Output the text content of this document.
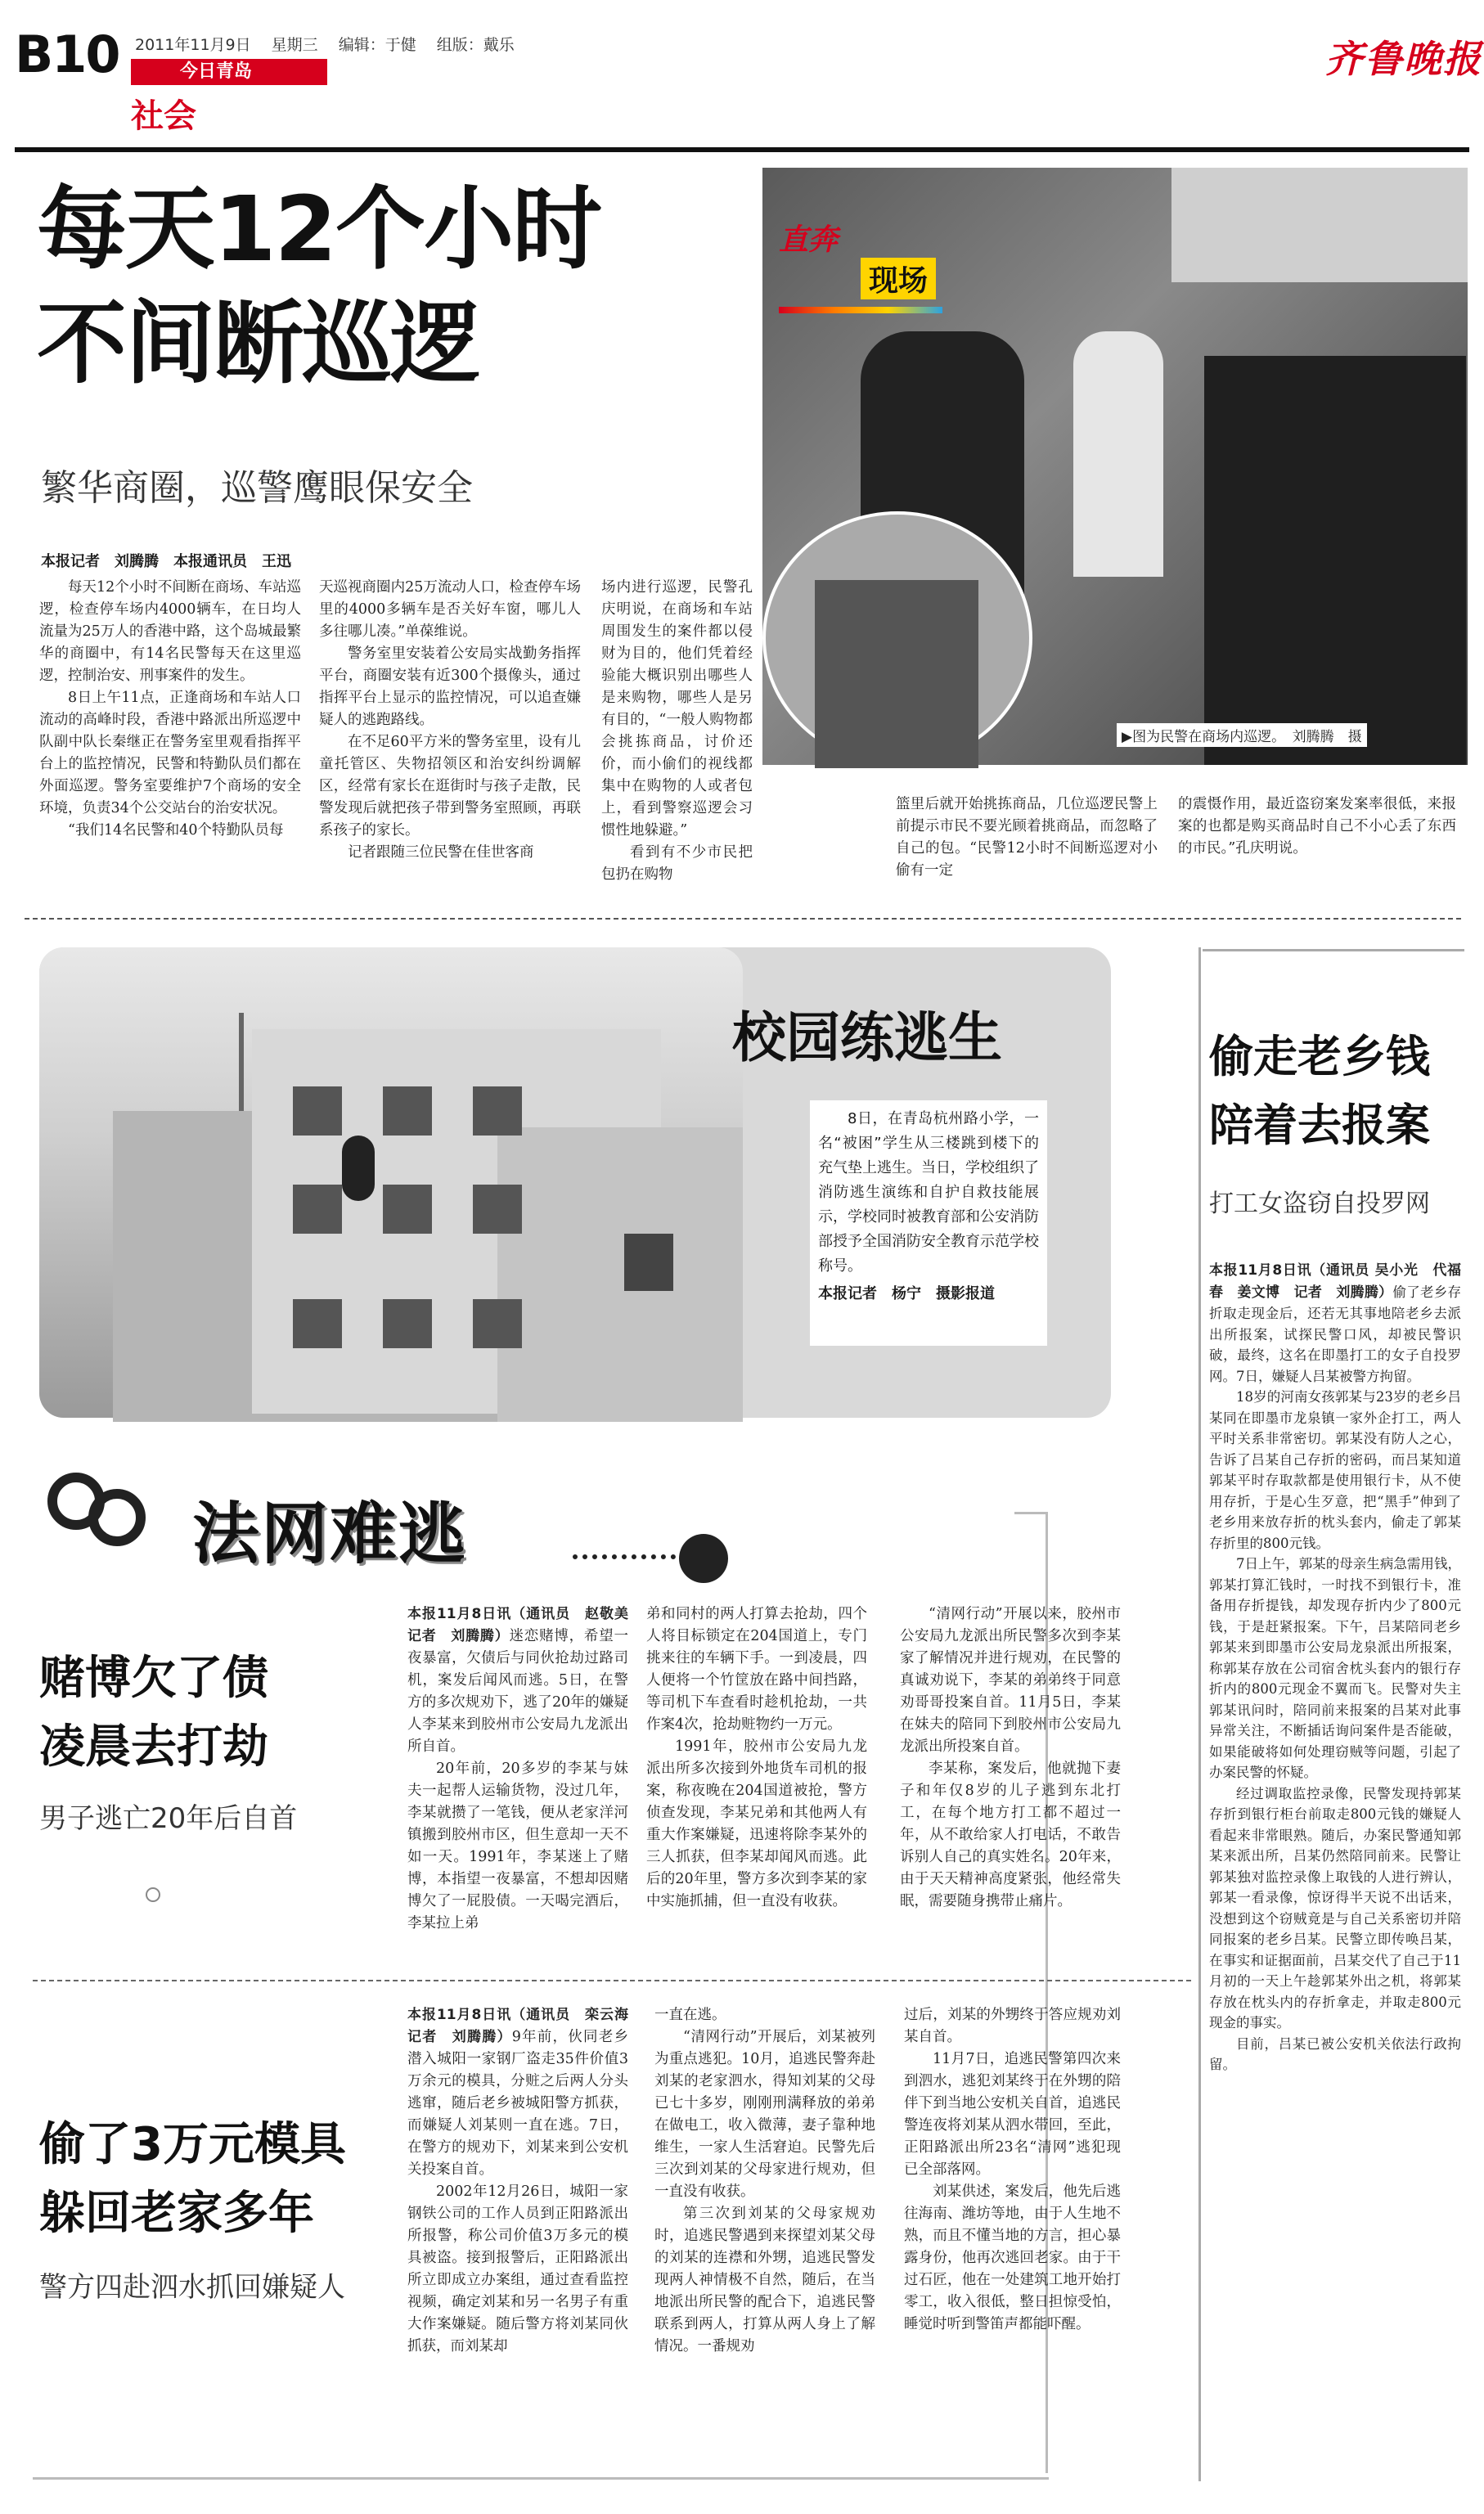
B10 2011年11月9日　 星期三　 编辑：于健　 组版：戴乐
今日青岛
社会
齐鲁晚报
每天12个小时
不间断巡逻
繁华商圈，巡警鹰眼保安全
直奔
现场
▶图为民警在商场内巡逻。　刘腾腾　摄
本报记者　刘腾腾　本报通讯员　王迅

每天12个小时不间断在商场、车站巡逻，检查停车场内4000辆车，在日均人流量为25万人的香港中路，这个岛城最繁华的商圈中，有14名民警每天在这里巡逻，控制治安、刑事案件的发生。

8日上午11点，正逢商场和车站人口流动的高峰时段，香港中路派出所巡逻中队副中队长秦继正在警务室里观看指挥平台上的监控情况，民警和特勤队员们都在外面巡逻。警务室要维护7个商场的安全环境，负责34个公交站台的治安状况。

“我们14名民警和40个特勤队员每

天巡视商圈内25万流动人口，检查停车场里的4000多辆车是否关好车窗，哪儿人多往哪儿凑。”单葆维说。

警务室里安装着公安局实战勤务指挥平台，商圈安装有近300个摄像头，通过指挥平台上显示的监控情况，可以追查嫌疑人的逃跑路线。

在不足60平方米的警务室里，设有儿童托管区、失物招领区和治安纠纷调解区，经常有家长在逛街时与孩子走散，民警发现后就把孩子带到警务室照顾，再联系孩子的家长。

记者跟随三位民警在佳世客商

场内进行巡逻，民警孔庆明说，在商场和车站周围发生的案件都以侵财为目的，他们凭着经验能大概识别出哪些人是来购物，哪些人是另有目的，“一般人购物都会挑拣商品，讨价还价，而小偷们的视线都集中在购物的人或者包上，看到警察巡逻会习惯性地躲避。”

看到有不少市民把包扔在购物

篮里后就开始挑拣商品，几位巡逻民警上前提示市民不要光顾着挑商品，而忽略了自己的包。“民警12小时不间断巡逻对小偷有一定

的震慑作用，最近盗窃案发案率很低，来报案的也都是购买商品时自己不小心丢了东西的市民。”孔庆明说。

校园练逃生
8日，在青岛杭州路小学，一名“被困”学生从三楼跳到楼下的充气垫上逃生。当日，学校组织了消防逃生演练和自护自救技能展示，学校同时被教育部和公安消防部授予全国消防安全教育示范学校称号。
本报记者　杨宁　摄影报道
偷走老乡钱
陪着去报案
打工女盗窃自投罗网

本报11月8日讯（通讯员 吴小光　代福春　姜文博　记者　刘腾腾）偷了老乡存折取走现金后，还若无其事地陪老乡去派出所报案，试探民警口风，却被民警识破，最终，这名在即墨打工的女子自投罗网。7日，嫌疑人吕某被警方拘留。

18岁的河南女孩郭某与23岁的老乡吕某同在即墨市龙泉镇一家外企打工，两人平时关系非常密切。郭某没有防人之心，告诉了吕某自己存折的密码，而吕某知道郭某平时存取款都是使用银行卡，从不使用存折，于是心生歹意，把“黑手”伸到了老乡用来放存折的枕头套内，偷走了郭某存折里的800元钱。

7日上午，郭某的母亲生病急需用钱，郭某打算汇钱时，一时找不到银行卡，准备用存折提钱，却发现存折内少了800元钱，于是赶紧报案。下午，吕某陪同老乡郭某来到即墨市公安局龙泉派出所报案，称郭某存放在公司宿舍枕头套内的银行存折内的800元现金不翼而飞。民警对失主郭某讯问时，陪同前来报案的吕某对此事异常关注，不断插话询问案件是否能破，如果能破将如何处理窃贼等问题，引起了办案民警的怀疑。

经过调取监控录像，民警发现持郭某存折到银行柜台前取走800元钱的嫌疑人看起来非常眼熟。随后，办案民警通知郭某来派出所，吕某仍然陪同前来。民警让郭某独对监控录像上取钱的人进行辨认，郭某一看录像，惊讶得半天说不出话来，没想到这个窃贼竟是与自己关系密切并陪同报案的老乡吕某。民警立即传唤吕某，在事实和证据面前，吕某交代了自己于11月初的一天上午趁郭某外出之机，将郭某存放在枕头内的存折拿走，并取走800元现金的事实。

目前，吕某已被公安机关依法行政拘留。

法网难逃
赌博欠了债
凌晨去打劫
男子逃亡20年后自首

本报11月8日讯（通讯员　赵敬美　记者　刘腾腾）迷恋赌博，希望一夜暴富，欠债后与同伙抢劫过路司机，案发后闻风而逃。5日，在警方的多次规劝下，逃了20年的嫌疑人李某来到胶州市公安局九龙派出所自首。

20年前，20多岁的李某与妹夫一起帮人运输货物，没过几年，李某就攒了一笔钱，便从老家洋河镇搬到胶州市区，但生意却一天不如一天。1991年，李某迷上了赌博，本指望一夜暴富，不想却因赌博欠了一屁股债。一天喝完酒后，李某拉上弟

弟和同村的两人打算去抢劫，四个人将目标锁定在204国道上，专门挑来往的车辆下手。一到凌晨，四人便将一个竹筐放在路中间挡路，等司机下车查看时趁机抢劫，一共作案4次，抢劫赃物约一万元。

1991年，胶州市公安局九龙派出所多次接到外地货车司机的报案，称夜晚在204国道被抢，警方侦查发现，李某兄弟和其他两人有重大作案嫌疑，迅速将除李某外的三人抓获，但李某却闻风而逃。此后的20年里，警方多次到李某的家中实施抓捕，但一直没有收获。

“清网行动”开展以来，胶州市公安局九龙派出所民警多次到李某家了解情况并进行规劝，在民警的真诚劝说下，李某的弟弟终于同意劝哥哥投案自首。11月5日，李某在妹夫的陪同下到胶州市公安局九龙派出所投案自首。

李某称，案发后，他就抛下妻子和年仅8岁的儿子逃到东北打工，在每个地方打工都不超过一年，从不敢给家人打电话，不敢告诉别人自己的真实姓名。20年来，由于天天精神高度紧张，他经常失眠，需要随身携带止痛片。

偷了3万元模具
躲回老家多年
警方四赴泗水抓回嫌疑人

本报11月8日讯（通讯员　栾云海　记者　刘腾腾）9年前，伙同老乡潜入城阳一家钢厂盗走35件价值3万余元的模具，分赃之后两人分头逃窜，随后老乡被城阳警方抓获，而嫌疑人刘某则一直在逃。7日，在警方的规劝下，刘某来到公安机关投案自首。

2002年12月26日，城阳一家钢铁公司的工作人员到正阳路派出所报警，称公司价值3万多元的模具被盗。接到报警后，正阳路派出所立即成立办案组，通过查看监控视频，确定刘某和另一名男子有重大作案嫌疑。随后警方将刘某同伙抓获，而刘某却

一直在逃。

“清网行动”开展后，刘某被列为重点逃犯。10月，追逃民警奔赴刘某的老家泗水，得知刘某的父母已七十多岁，刚刚刑满释放的弟弟在做电工，收入微薄，妻子靠种地维生，一家人生活窘迫。民警先后三次到刘某的父母家进行规劝，但一直没有收获。

第三次到刘某的父母家规劝时，追逃民警遇到来探望刘某父母的刘某的连襟和外甥，追逃民警发现两人神情极不自然，随后，在当地派出所民警的配合下，追逃民警联系到两人，打算从两人身上了解情况。一番规劝

过后，刘某的外甥终于答应规劝刘某自首。

11月7日，追逃民警第四次来到泗水，逃犯刘某终于在外甥的陪伴下到当地公安机关自首，追逃民警连夜将刘某从泗水带回，至此，正阳路派出所23名“清网”逃犯现已全部落网。

刘某供述，案发后，他先后逃往海南、潍坊等地，由于人生地不熟，而且不懂当地的方言，担心暴露身份，他再次逃回老家。由于干过石匠，他在一处建筑工地开始打零工，收入很低，整日担惊受怕，睡觉时听到警笛声都能吓醒。
